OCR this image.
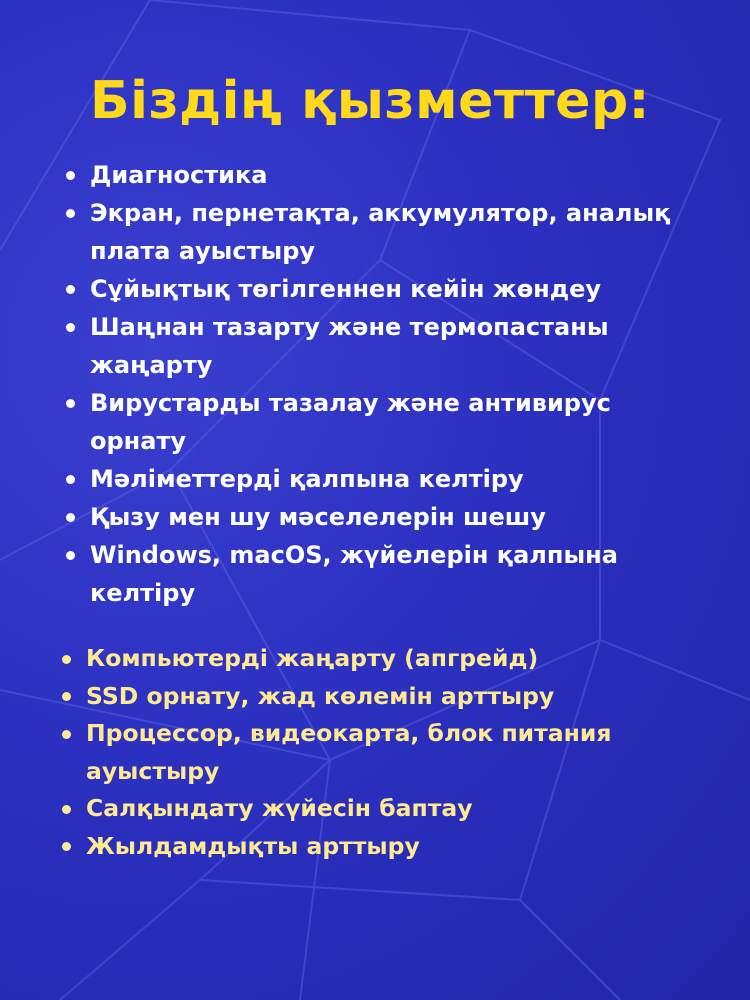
Біздің қызметтер:
Диагностика
Экран, пернетақта, аккумулятор, аналық плата ауыстыру
Сұйықтық төгілгеннен кейін жөндеу
Шаңнан тазарту және термопастаны жаңарту
Вирустарды тазалау және антивирус орнату
Мәліметтерді қалпына келтіру
Қызу мен шу мәселелерін шешу
Windows, macOS, жүйелерін қалпына келтіру
Компьютерді жаңарту (апгрейд)
SSD орнату, жад көлемін арттыру
Процессор, видеокарта, блок питания ауыстыру
Салқындату жүйесін баптау
Жылдамдықты арттыру
